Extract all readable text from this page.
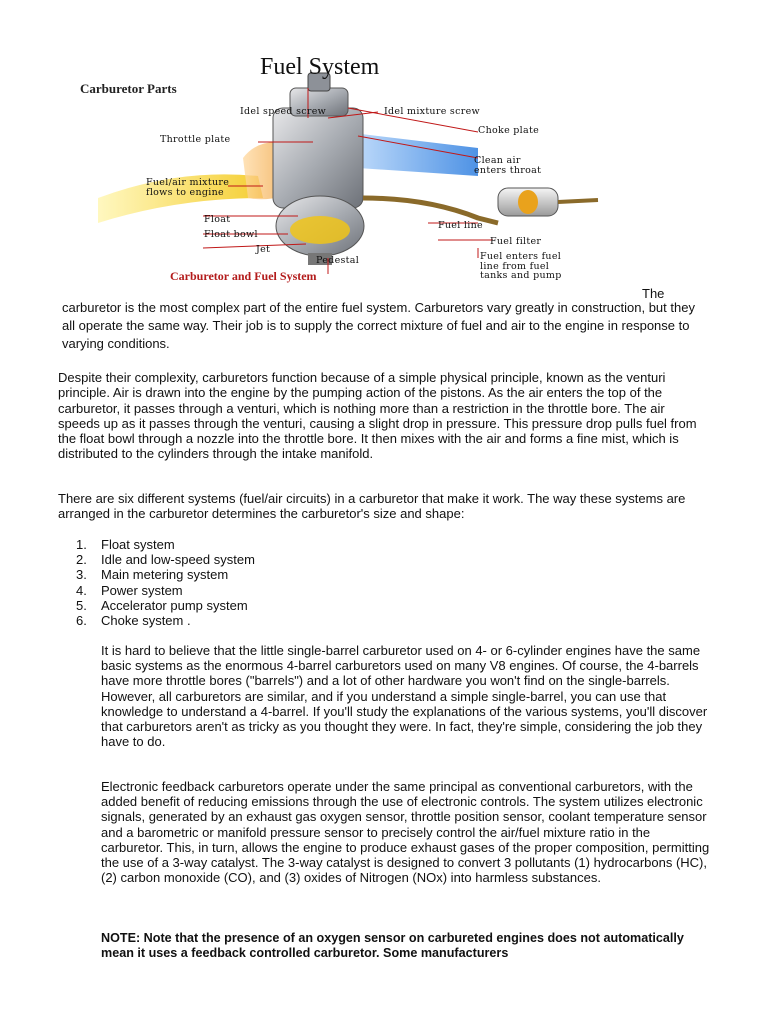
Fuel System
Carburetor Parts
Idel speed screw	Idel mixture screw
Throttle plate
Choke plate
Clean air
enters throat
Fuel/air mixture
flows to engine
Float
Fuel line
Float bowl
Fuel filter
Jet
Pedestal	Fuel enters fuel
line from fuel
tanks and pump
Carburetor and Fuel System

The
carburetor is the most complex part of the entire fuel system. Carburetors vary greatly in construction, but they all operate the same way. Their job is to supply the correct mixture of fuel and air to the engine in response to varying conditions.

Despite their complexity, carburetors function because of a simple physical principle, known as the venturi principle. Air is drawn into the engine by the pumping action of the pistons. As the air enters the top of the carburetor, it passes through a venturi, which is nothing more than a restriction in the throttle bore. The air speeds up as it passes through the venturi, causing a slight drop in pressure. This pressure drop pulls fuel from the float bowl through a nozzle into the throttle bore. It then mixes with the air and forms a fine mist, which is distributed to the cylinders through the intake manifold.

There are six different systems (fuel/air circuits) in a carburetor that make it work. The way these systems are arranged in the carburetor determines the carburetor's size and shape:

1. Float system
2. Idle and low-speed system
3. Main metering system
4. Power system
5. Accelerator pump system
6. Choke system .

It is hard to believe that the little single-barrel carburetor used on 4- or 6-cylinder engines have the same basic systems as the enormous 4-barrel carburetors used on many V8 engines. Of course, the 4-barrels have more throttle bores ("barrels") and a lot of other hardware you won't find on the single-barrels. However, all carburetors are similar, and if you understand a simple single-barrel, you can use that knowledge to understand a 4-barrel. If you'll study the explanations of the various systems, you'll discover that carburetors aren't as tricky as you thought they were. In fact, they're simple, considering the job they have to do.

Electronic feedback carburetors operate under the same principal as conventional carburetors, with the added benefit of reducing emissions through the use of electronic controls. The system utilizes electronic signals, generated by an exhaust gas oxygen sensor, throttle position sensor, coolant temperature sensor and a barometric or manifold pressure sensor to precisely control the air/fuel mixture ratio in the carburetor. This, in turn, allows the engine to produce exhaust gases of the proper composition, permitting the use of a 3-way catalyst. The 3-way catalyst is designed to convert 3 pollutants (1) hydrocarbons (HC), (2) carbon monoxide (CO), and (3) oxides of Nitrogen (NOx) into harmless substances.

NOTE: Note that the presence of an oxygen sensor on carbureted engines does not automatically mean it uses a feedback controlled carburetor. Some manufacturers
